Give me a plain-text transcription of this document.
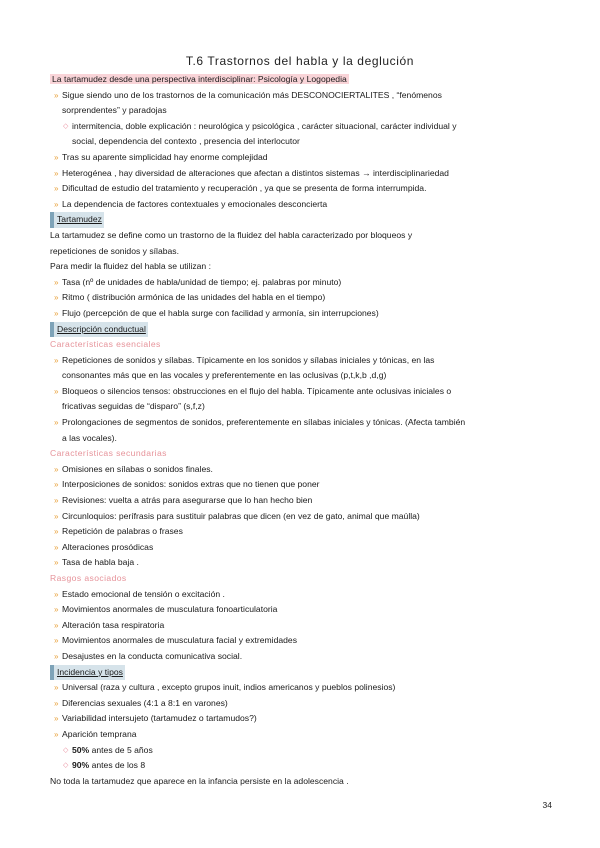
T.6 Trastornos del habla y la deglución
La tartamudez desde una perspectiva interdisciplinar: Psicología y Logopedia
» Sigue siendo uno de los trastornos de la comunicación más DESCONOCIERTALITES , “fenómenos
sorprendentes” y paradojas
◇ intermitencia, doble explicación : neurológica y psicológica , carácter situacional, carácter individual y
social, dependencia del contexto , presencia del interlocutor
» Tras su aparente simplicidad hay enorme complejidad
» Heterogénea , hay diversidad de alteraciones que afectan a distintos sistemas → interdisciplinariedad
» Dificultad de estudio del tratamiento y recuperación , ya que se presenta de forma interrumpida.
» La dependencia de factores contextuales y emocionales desconcierta
Tartamudez
La tartamudez se define como un trastorno de la fluidez del habla caracterizado por bloqueos y
repeticiones de sonidos y sílabas.
Para medir la fluidez del habla se utilizan :
» Tasa (nº de unidades de habla/unidad de tiempo; ej. palabras por minuto)
» Ritmo ( distribución armónica de las unidades del habla en el tiempo)
» Flujo (percepción de que el habla surge con facilidad y armonía, sin interrupciones)
Descripción conductual
Características esenciales
» Repeticiones de sonidos y sílabas. Típicamente en los sonidos y sílabas iniciales y tónicas, en las
consonantes más que en las vocales y preferentemente en las oclusivas (p,t,k,b ,d,g)
» Bloqueos o silencios tensos: obstrucciones en el flujo del habla. Típicamente ante oclusivas iniciales o
fricativas seguidas de “disparo” (s,f,z)
» Prolongaciones de segmentos de sonidos, preferentemente en sílabas iniciales y tónicas. (Afecta también
a las vocales).
Características secundarias
» Omisiones en sílabas o sonidos finales.
» Interposiciones de sonidos: sonidos extras que no tienen que poner
» Revisiones: vuelta a atrás para asegurarse que lo han hecho bien
» Circunloquios: perífrasis para sustituir palabras que dicen (en vez de gato, animal que maúlla)
» Repetición de palabras o frases
» Alteraciones prosódicas
» Tasa de habla baja .
Rasgos asociados
» Estado emocional de tensión o excitación .
» Movimientos anormales de musculatura fonoarticulatoria
» Alteración tasa respiratoria
» Movimientos anormales de musculatura facial y extremidades
» Desajustes en la conducta comunicativa social.
Incidencia y tipos
» Universal (raza y cultura , excepto grupos inuit, indios americanos y pueblos polinesios)
» Diferencias sexuales (4:1 a 8:1 en varones)
» Variabilidad intersujeto (tartamudez o tartamudos?)
» Aparición temprana
◇ 50% antes de 5 años
◇ 90% antes de los 8
No toda la tartamudez que aparece en la infancia persiste en la adolescencia .
34
